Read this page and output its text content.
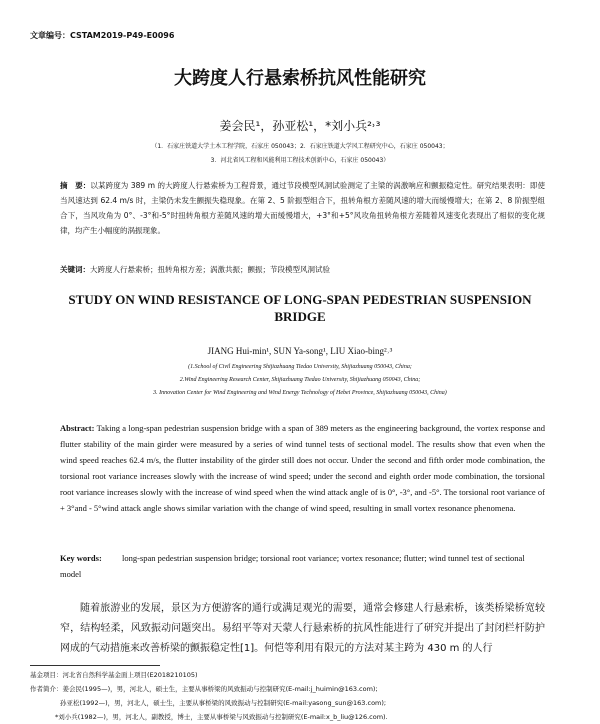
文章编号：CSTAM2019-P49-E0096
大跨度人行悬索桥抗风性能研究
姜会民¹，孙亚松¹，*刘小兵²˒³
（1．石家庄铁道大学土木工程学院，石家庄 050043；2．石家庄铁道大学风工程研究中心，石家庄 050043；
3．河北省风工程和风能利用工程技术创新中心，石家庄 050043）
摘　要：以某跨度为 389 m 的大跨度人行悬索桥为工程背景，通过节段模型风洞试验测定了主梁的涡激响应和颤振稳定性。研究结果表明：即使当风速达到 62.4 m/s 时，主梁仍未发生颤振失稳现象。在第 2、5 阶振型组合下，扭转角根方差随风速的增大而缓慢增大；在第 2、8 阶振型组合下，当风攻角为 0°、-3°和-5°时扭转角根方差随风速的增大而缓慢增大，+3°和+5°风攻角扭转角根方差随着风速变化表现出了相似的变化规律，均产生小幅度的涡振现象。
关键词：大跨度人行悬索桥；扭转角根方差；涡激共振；颤振；节段模型风洞试验
STUDY ON WIND RESISTANCE OF LONG-SPAN PEDESTRIAN SUSPENSION BRIDGE
JIANG Hui-min¹, SUN Ya-song¹, LIU Xiao-bing²˒³
(1.School of Civil Engineering Shijiazhuang Tiedao University, Shijiazhuang 050043, China;
2.Wind Engineering Research Center, Shijiazhuang Tiedao University, Shijiazhuang 050043, China;
3. Innovation Center for Wind Engineering and Wind Energy Technology of Hebei Province, Shijiazhuang 050043, China)
Abstract: Taking a long-span pedestrian suspension bridge with a span of 389 meters as the engineering background, the vortex response and flutter stability of the main girder were measured by a series of wind tunnel tests of sectional model. The results show that even when the wind speed reaches 62.4 m/s, the flutter instability of the girder still does not occur. Under the second and fifth order mode combination, the torsional root variance increases slowly with the increase of wind speed; under the second and eighth order mode combination, the torsional root variance increases slowly with the increase of wind speed when the wind attack angle of is 0°, -3°, and -5°. The torsional root variance of + 3°and - 5°wind attack angle shows similar variation with the change of wind speed, resulting in small vortex resonance phenomena.
Key words: long-span pedestrian suspension bridge; torsional root variance; vortex resonance; flutter; wind tunnel test of sectional model
随着旅游业的发展，景区为方便游客的通行或满足观光的需要，通常会修建人行悬索桥，该类桥梁桥宽较窄，结构轻柔，风致振动问题突出。易绍平等对天蒙人行悬索桥的抗风性能进行了研究并提出了封闭栏杆防护网成的气动措施来改善桥梁的颤振稳定性[1]。何恺等利用有限元的方法对某主跨为 430 m 的人行
基金项目：河北省自然科学基金面上项目(E2018210105)
作者简介：姜会民(1995—)，男，河北人，硕士生，主要从事桥梁的风致振动与控制研究(E-mail:j_huimin@163.com);
孙亚松(1992—)，男，河北人，硕士生，主要从事桥梁的风致振动与控制研究(E-mail:yasong_sun@163.com);
*刘小兵(1982—)，男，河北人，副教授，博士，主要从事桥梁与风致振动与控制研究(E-mail:x_b_liu@126.com).
